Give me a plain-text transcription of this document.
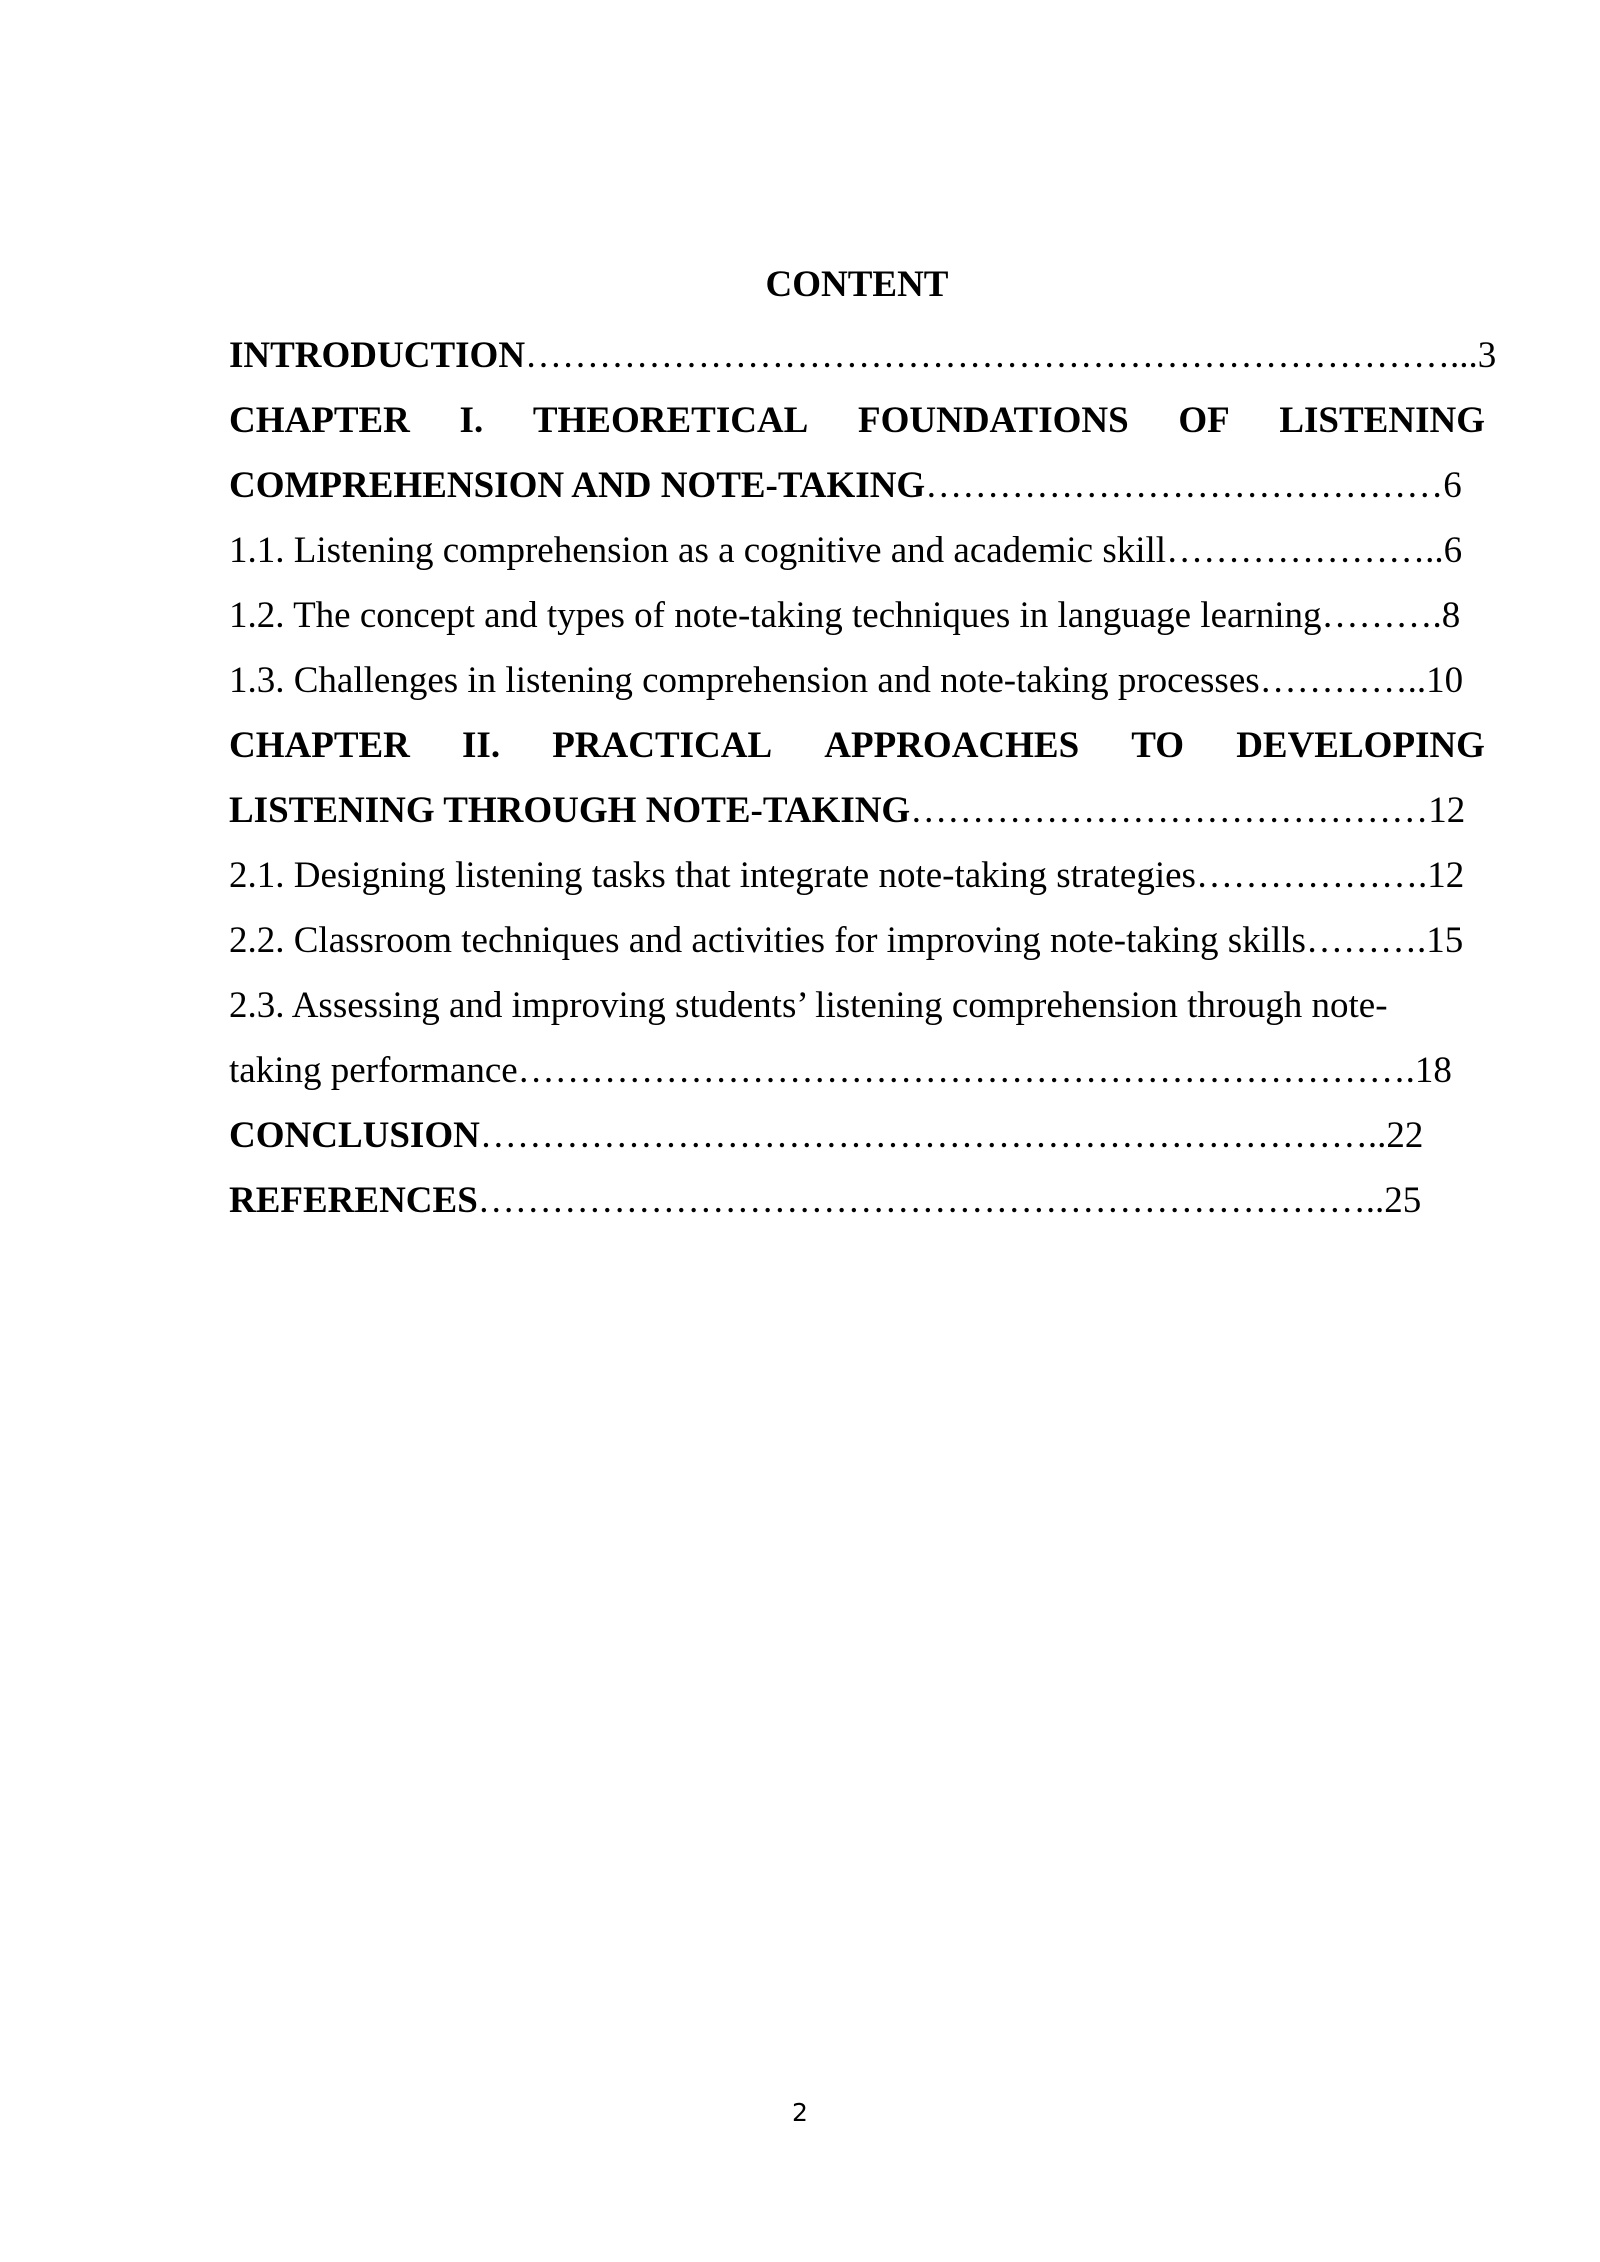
CONTENT
INTRODUCTION…………………………………………………………………...3
CHAPTER I. THEORETICAL FOUNDATIONS OF LISTENING
COMPREHENSION AND NOTE-TAKING……………………………………6
1.1. Listening comprehension as a cognitive and academic skill…………………..6
1.2. The concept and types of note-taking techniques in language learning……….8
1.3. Challenges in listening comprehension and note-taking processes…………..10
CHAPTER II. PRACTICAL APPROACHES TO DEVELOPING
LISTENING THROUGH NOTE-TAKING……………………………………12
2.1. Designing listening tasks that integrate note-taking strategies……………….12
2.2. Classroom techniques and activities for improving note-taking skills……….15
2.3. Assessing and improving students’ listening comprehension through note-
taking performance……………………………………………………………….18
CONCLUSION………………………………………………………………..22
REFERENCES………………………………………………………………..25
2
